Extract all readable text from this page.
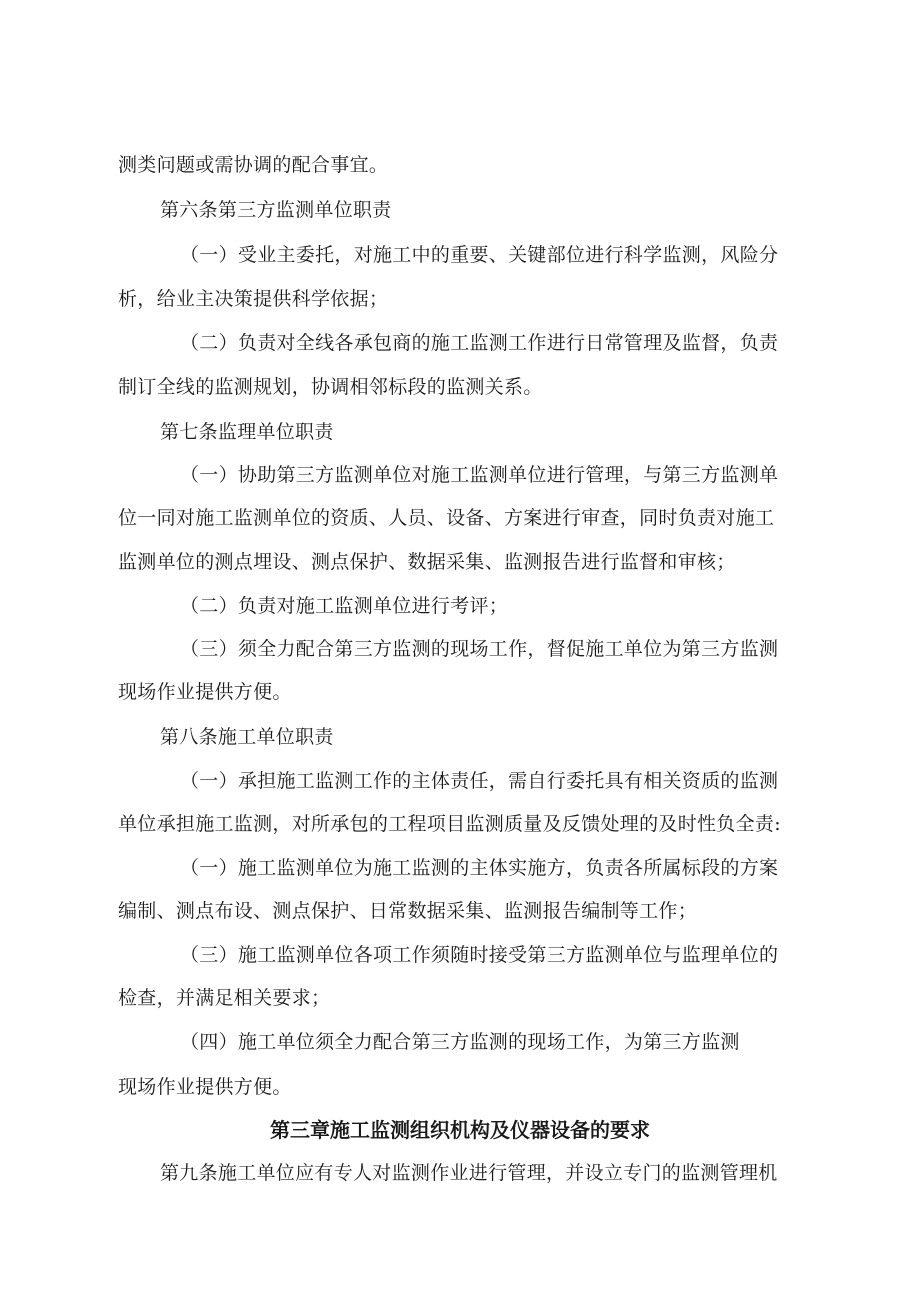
测类问题或需协调的配合事宜。
第六条第三方监测单位职责
（一）受业主委托，对施工中的重要、关键部位进行科学监测，风险分
析，给业主决策提供科学依据；
（二）负责对全线各承包商的施工监测工作进行日常管理及监督，负责
制订全线的监测规划，协调相邻标段的监测关系。
第七条监理单位职责
（一）协助第三方监测单位对施工监测单位进行管理，与第三方监测单
位一同对施工监测单位的资质、人员、设备、方案进行审查，同时负责对施工
监测单位的测点埋设、测点保护、数据采集、监测报告进行监督和审核；
（二）负责对施工监测单位进行考评；
（三）须全力配合第三方监测的现场工作，督促施工单位为第三方监测
现场作业提供方便。
第八条施工单位职责
（一）承担施工监测工作的主体责任，需自行委托具有相关资质的监测
单位承担施工监测，对所承包的工程项目监测质量及反馈处理的及时性负全责:
（一）施工监测单位为施工监测的主体实施方，负责各所属标段的方案
编制、测点布设、测点保护、日常数据采集、监测报告编制等工作；
（三）施工监测单位各项工作须随时接受第三方监测单位与监理单位的
检查，并满足相关要求；
（四）施工单位须全力配合第三方监测的现场工作，为第三方监测
现场作业提供方便。
第三章施工监测组织机构及仪器设备的要求
第九条施工单位应有专人对监测作业进行管理，并设立专门的监测管理机
